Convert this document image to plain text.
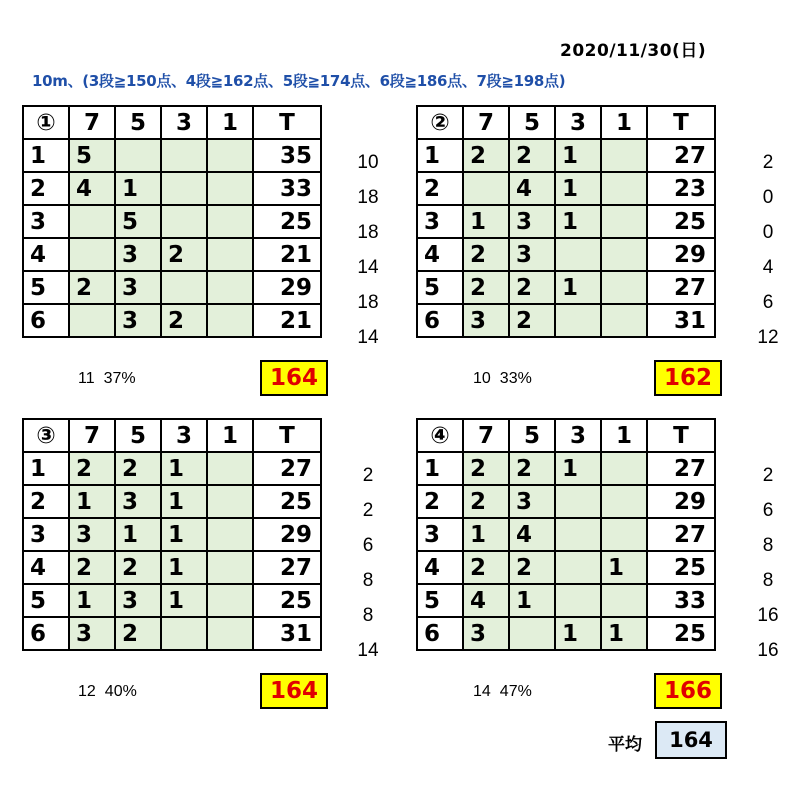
2020/11/30(日)
10m、(3段≧150点、4段≧162点、5段≧174点、6段≧186点、7段≧198点)
①	7	5	3	1	T
1	5				35
2	4	1			33
3		5			25
4		3	2		21
5	2	3			29
6		3	2		21
10
18
18
14
18
14
11 37%	164
②	7	5	3	1	T
1	2	2	1		27
2		4	1		23
3	1	3	1		25
4	2	3			29
5	2	2	1		27
6	3	2			31
2
0
0
4
6
12
10 33%	162
③	7	5	3	1	T
1	2	2	1		27
2	1	3	1		25
3	3	1	1		29
4	2	2	1		27
5	1	3	1		25
6	3	2			31
2
2
6
8
8
14
12 40%	164
④	7	5	3	1	T
1	2	2	1		27
2	2	3			29
3	1	4			27
4	2	2		1	25
5	4	1			33
6	3		1	1	25
2
6
8
8
16
16
14 47%	166
平均	164
